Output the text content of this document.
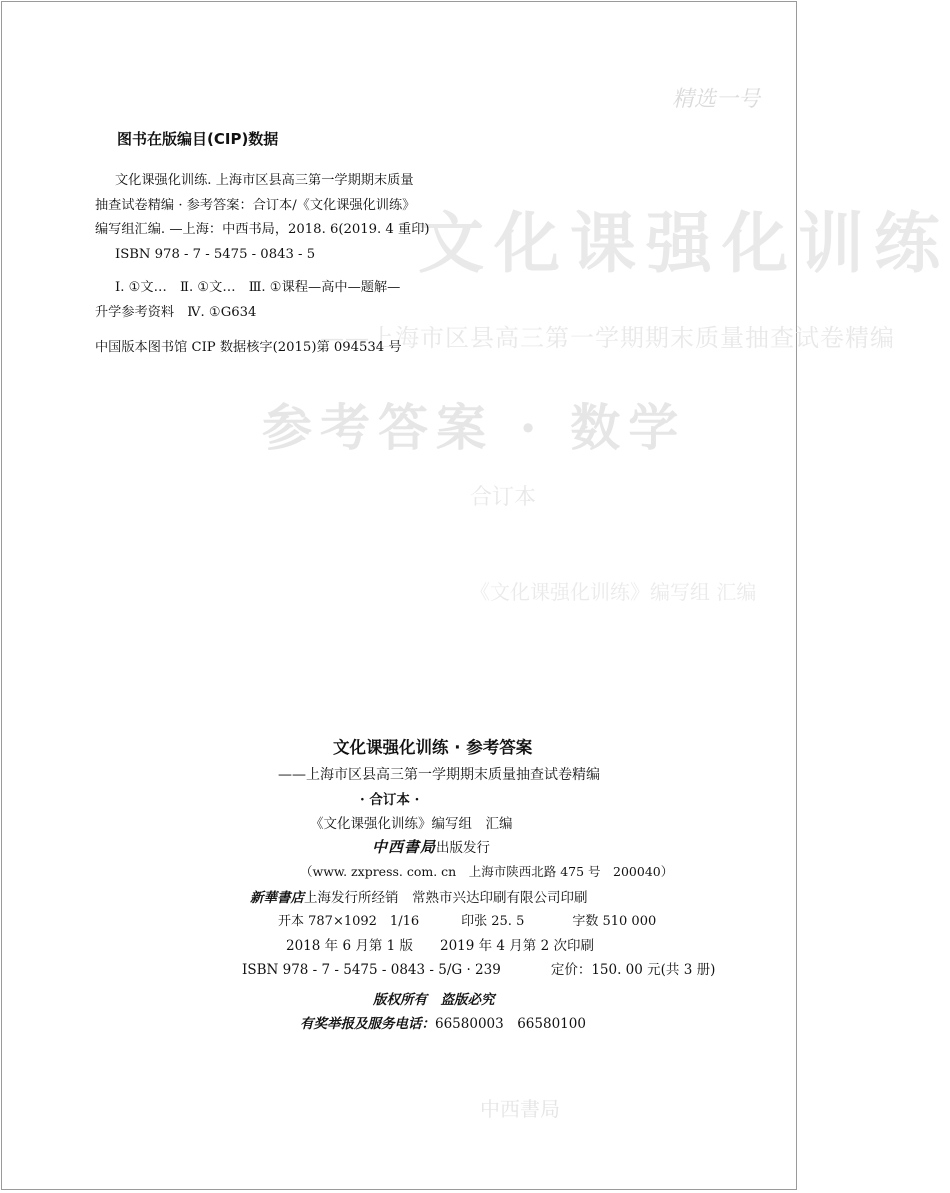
精选一号
文化课强化训练
——上海市区县高三第一学期期末质量抽查试卷精编
参考答案 · 数学
合订本
《文化课强化训练》编写组 汇编
中西書局
图书在版编目(CIP)数据
文化课强化训练. 上海市区县高三第一学期期末质量
抽查试卷精编 · 参考答案：合订本/《文化课强化训练》
编写组汇编. —上海：中西书局，2018. 6(2019. 4 重印)
ISBN 978 - 7 - 5475 - 0843 - 5
Ⅰ. ①文…　Ⅱ. ①文…　Ⅲ. ①课程—高中—题解—
升学参考资料　Ⅳ. ①G634
中国版本图书馆 CIP 数据核字(2015)第 094534 号
文化课强化训练 · 参考答案
——上海市区县高三第一学期期末质量抽查试卷精编
· 合订本 ·
《文化课强化训练》编写组　汇编
中西書局出版发行
（www. zxpress. com. cn　上海市陕西北路 475 号　200040）
新華書店上海发行所经销　常熟市兴达印刷有限公司印刷
开本 787×1092　1/16	印张 25. 5	字数 510 000
2018 年 6 月第 1 版　　2019 年 4 月第 2 次印刷
ISBN 978 - 7 - 5475 - 0843 - 5/G · 239	定价：150. 00 元(共 3 册)
版权所有　盗版必究
有奖举报及服务电话：66580003　66580100
